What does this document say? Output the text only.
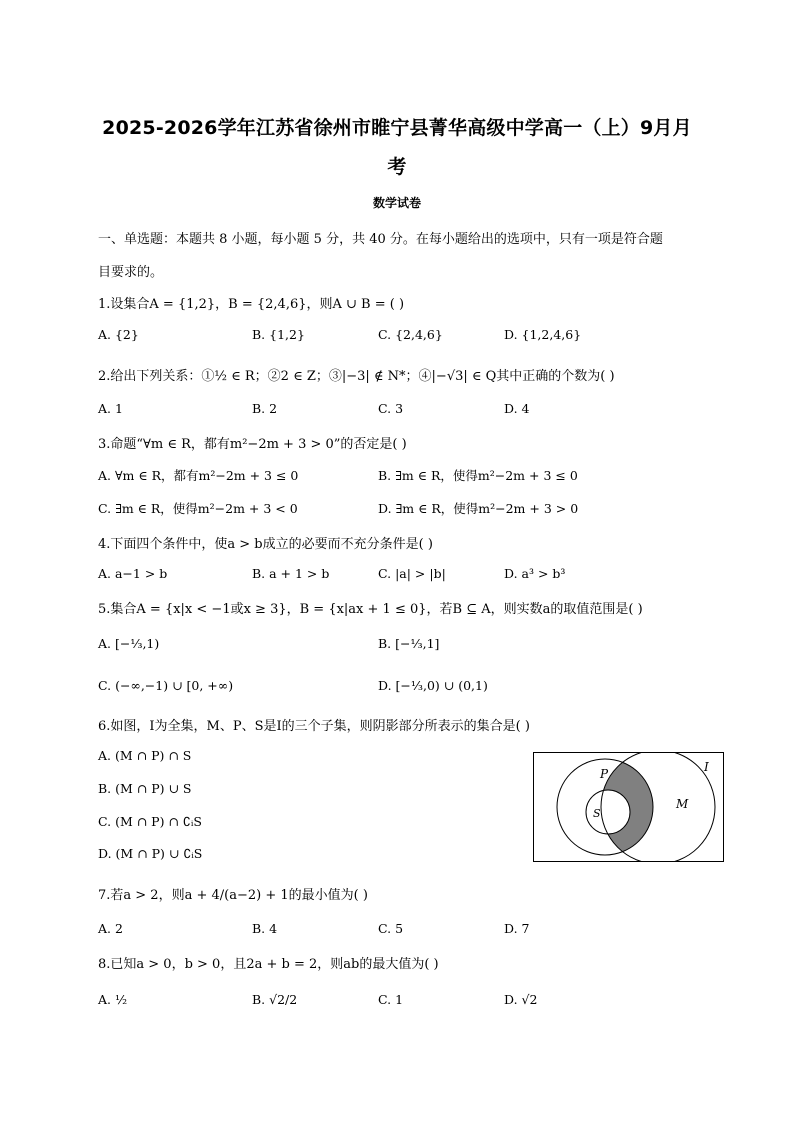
2025-2026学年江苏省徐州市睢宁县菁华高级中学高一（上）9月月
考
数学试卷
一、单选题：本题共 8 小题，每小题 5 分，共 40 分。在每小题给出的选项中，只有一项是符合题
目要求的。
1.设集合A = {1,2}，B = {2,4,6}，则A ∪ B = ( )
A. {2}	B. {1,2}	C. {2,4,6}	D. {1,2,4,6}
2.给出下列关系：①½ ∈ R；②2 ∈ Z；③|−3| ∉ N*；④|−√3| ∈ Q其中正确的个数为( )
A. 1	B. 2	C. 3	D. 4
3.命题“∀m ∈ R，都有m²−2m + 3 > 0”的否定是( )
A. ∀m ∈ R，都有m²−2m + 3 ≤ 0	B. ∃m ∈ R，使得m²−2m + 3 ≤ 0
C. ∃m ∈ R，使得m²−2m + 3 < 0	D. ∃m ∈ R，使得m²−2m + 3 > 0
4.下面四个条件中，使a > b成立的必要而不充分条件是( )
A. a−1 > b	B. a + 1 > b	C. |a| > |b|	D. a³ > b³
5.集合A = {x|x < −1或x ≥ 3}，B = {x|ax + 1 ≤ 0}，若B ⊆ A，则实数a的取值范围是( )
A. [−⅓,1)	B. [−⅓,1]
C. (−∞,−1) ∪ [0, +∞)	D. [−⅓,0) ∪ (0,1)
6.如图，I为全集，M、P、S是I的三个子集，则阴影部分所表示的集合是( )
A. (M ∩ P) ∩ S
B. (M ∩ P) ∪ S
C. (M ∩ P) ∩ ∁ᵢS
D. (M ∩ P) ∪ ∁ᵢS
I
P
M
S
7.若a > 2，则a + 4/(a−2) + 1的最小值为( )
A. 2	B. 4	C. 5	D. 7
8.已知a > 0，b > 0，且2a + b = 2，则ab的最大值为( )
A. ½	B. √2/2	C. 1	D. √2
